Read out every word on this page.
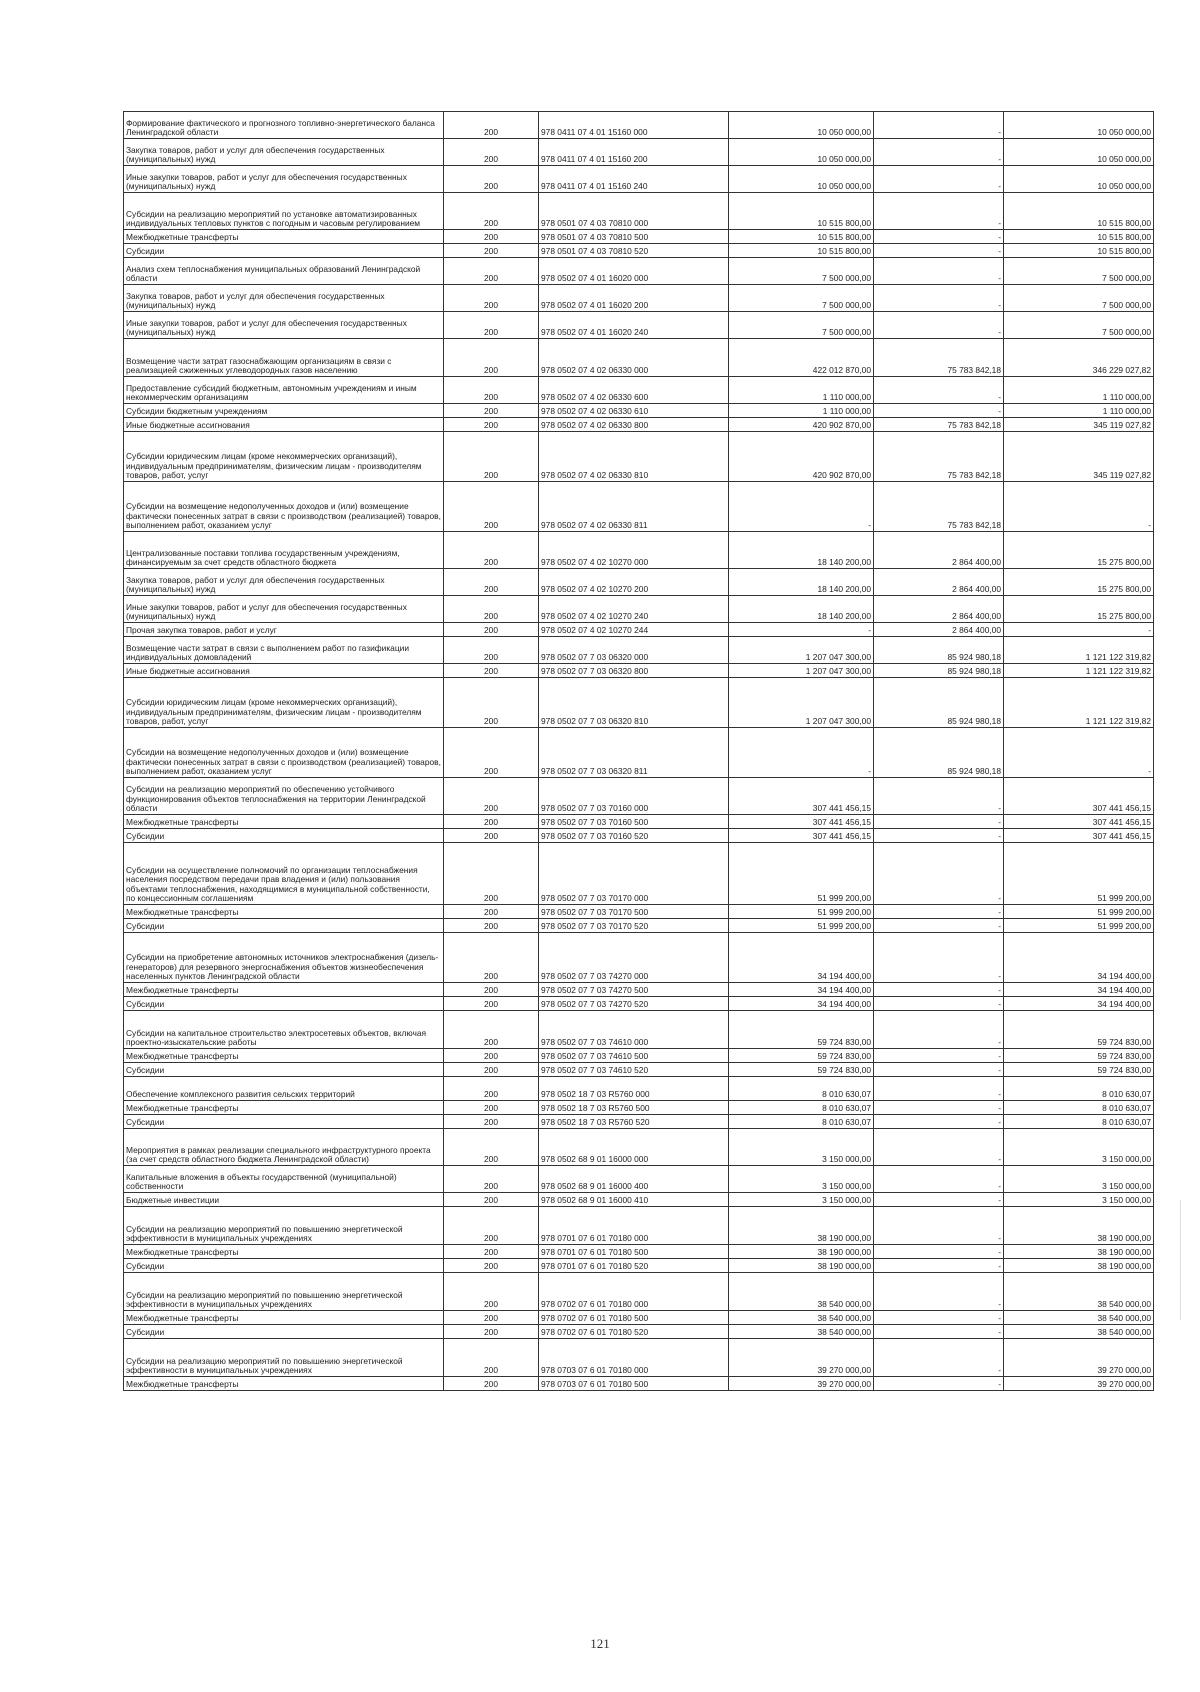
Формирование фактического и прогнозного топливно-энергетического баланса Ленинградской области	200	978 0411 07 4 01 15160 000	10 050 000,00	-	10 050 000,00
Закупка товаров, работ и услуг для обеспечения государственных (муниципальных) нужд	200	978 0411 07 4 01 15160 200	10 050 000,00	-	10 050 000,00
Иные закупки товаров, работ и услуг для обеспечения государственных (муниципальных) нужд	200	978 0411 07 4 01 15160 240	10 050 000,00	-	10 050 000,00
Субсидии на реализацию мероприятий по установке автоматизированных индивидуальных тепловых пунктов с погодным и часовым регулированием	200	978 0501 07 4 03 70810 000	10 515 800,00	-	10 515 800,00
Межбюджетные трансферты	200	978 0501 07 4 03 70810 500	10 515 800,00	-	10 515 800,00
Субсидии	200	978 0501 07 4 03 70810 520	10 515 800,00	-	10 515 800,00
Анализ схем теплоснабжения муниципальных образований Ленинградской области	200	978 0502 07 4 01 16020 000	7 500 000,00	-	7 500 000,00
Закупка товаров, работ и услуг для обеспечения государственных (муниципальных) нужд	200	978 0502 07 4 01 16020 200	7 500 000,00	-	7 500 000,00
Иные закупки товаров, работ и услуг для обеспечения государственных (муниципальных) нужд	200	978 0502 07 4 01 16020 240	7 500 000,00	-	7 500 000,00
Возмещение части затрат газоснабжающим организациям в связи с реализацией сжиженных углеводородных газов населению	200	978 0502 07 4 02 06330 000	422 012 870,00	75 783 842,18	346 229 027,82
Предоставление субсидий бюджетным, автономным учреждениям и иным некоммерческим организациям	200	978 0502 07 4 02 06330 600	1 110 000,00	-	1 110 000,00
Субсидии бюджетным учреждениям	200	978 0502 07 4 02 06330 610	1 110 000,00	-	1 110 000,00
Иные бюджетные ассигнования	200	978 0502 07 4 02 06330 800	420 902 870,00	75 783 842,18	345 119 027,82
Субсидии юридическим лицам (кроме некоммерческих организаций), индивидуальным предпринимателям, физическим лицам - производителям товаров, работ, услуг	200	978 0502 07 4 02 06330 810	420 902 870,00	75 783 842,18	345 119 027,82
Субсидии на возмещение недополученных доходов и (или) возмещение фактически понесенных затрат в связи с производством (реализацией) товаров, выполнением работ, оказанием услуг	200	978 0502 07 4 02 06330 811	-	75 783 842,18	-
Централизованные поставки топлива государственным учреждениям, финансируемым за счет средств областного бюджета	200	978 0502 07 4 02 10270 000	18 140 200,00	2 864 400,00	15 275 800,00
Закупка товаров, работ и услуг для обеспечения государственных (муниципальных) нужд	200	978 0502 07 4 02 10270 200	18 140 200,00	2 864 400,00	15 275 800,00
Иные закупки товаров, работ и услуг для обеспечения государственных (муниципальных) нужд	200	978 0502 07 4 02 10270 240	18 140 200,00	2 864 400,00	15 275 800,00
Прочая закупка товаров, работ и услуг	200	978 0502 07 4 02 10270 244	-	2 864 400,00	-
Возмещение части затрат в связи с выполнением работ по газификации индивидуальных домовладений	200	978 0502 07 7 03 06320 000	1 207 047 300,00	85 924 980,18	1 121 122 319,82
Иные бюджетные ассигнования	200	978 0502 07 7 03 06320 800	1 207 047 300,00	85 924 980,18	1 121 122 319,82
Субсидии юридическим лицам (кроме некоммерческих организаций), индивидуальным предпринимателям, физическим лицам - производителям товаров, работ, услуг	200	978 0502 07 7 03 06320 810	1 207 047 300,00	85 924 980,18	1 121 122 319,82
Субсидии на возмещение недополученных доходов и (или) возмещение фактически понесенных затрат в связи с производством (реализацией) товаров, выполнением работ, оказанием услуг	200	978 0502 07 7 03 06320 811	-	85 924 980,18	-
Субсидии на реализацию мероприятий по обеспечению устойчивого функционирования объектов теплоснабжения на территории Ленинградской области	200	978 0502 07 7 03 70160 000	307 441 456,15	-	307 441 456,15
Межбюджетные трансферты	200	978 0502 07 7 03 70160 500	307 441 456,15	-	307 441 456,15
Субсидии	200	978 0502 07 7 03 70160 520	307 441 456,15	-	307 441 456,15
Субсидии на осуществление полномочий по организации теплоснабжения населения посредством передачи прав владения и (или) пользования объектами теплоснабжения, находящимися в муниципальной собственности, по концессионным соглашениям	200	978 0502 07 7 03 70170 000	51 999 200,00	-	51 999 200,00
Межбюджетные трансферты	200	978 0502 07 7 03 70170 500	51 999 200,00	-	51 999 200,00
Субсидии	200	978 0502 07 7 03 70170 520	51 999 200,00	-	51 999 200,00
Субсидии на приобретение автономных источников электроснабжения (дизель-генераторов) для резервного энергоснабжения объектов жизнеобеспечения населенных пунктов Ленинградской области	200	978 0502 07 7 03 74270 000	34 194 400,00	-	34 194 400,00
Межбюджетные трансферты	200	978 0502 07 7 03 74270 500	34 194 400,00	-	34 194 400,00
Субсидии	200	978 0502 07 7 03 74270 520	34 194 400,00	-	34 194 400,00
Субсидии на капитальное строительство электросетевых объектов, включая проектно-изыскательские работы	200	978 0502 07 7 03 74610 000	59 724 830,00	-	59 724 830,00
Межбюджетные трансферты	200	978 0502 07 7 03 74610 500	59 724 830,00	-	59 724 830,00
Субсидии	200	978 0502 07 7 03 74610 520	59 724 830,00	-	59 724 830,00
Обеспечение комплексного развития сельских территорий	200	978 0502 18 7 03 R5760 000	8 010 630,07	-	8 010 630,07
Межбюджетные трансферты	200	978 0502 18 7 03 R5760 500	8 010 630,07	-	8 010 630,07
Субсидии	200	978 0502 18 7 03 R5760 520	8 010 630,07	-	8 010 630,07
Мероприятия в рамках реализации специального инфраструктурного проекта (за счет средств областного бюджета Ленинградской области)	200	978 0502 68 9 01 16000 000	3 150 000,00	-	3 150 000,00
Капитальные вложения в объекты государственной (муниципальной) собственности	200	978 0502 68 9 01 16000 400	3 150 000,00	-	3 150 000,00
Бюджетные инвестиции	200	978 0502 68 9 01 16000 410	3 150 000,00	-	3 150 000,00
Субсидии на реализацию мероприятий по повышению энергетической эффективности в муниципальных учреждениях	200	978 0701 07 6 01 70180 000	38 190 000,00	-	38 190 000,00
Межбюджетные трансферты	200	978 0701 07 6 01 70180 500	38 190 000,00	-	38 190 000,00
Субсидии	200	978 0701 07 6 01 70180 520	38 190 000,00	-	38 190 000,00
Субсидии на реализацию мероприятий по повышению энергетической эффективности в муниципальных учреждениях	200	978 0702 07 6 01 70180 000	38 540 000,00	-	38 540 000,00
Межбюджетные трансферты	200	978 0702 07 6 01 70180 500	38 540 000,00	-	38 540 000,00
Субсидии	200	978 0702 07 6 01 70180 520	38 540 000,00	-	38 540 000,00
Субсидии на реализацию мероприятий по повышению энергетической эффективности в муниципальных учреждениях	200	978 0703 07 6 01 70180 000	39 270 000,00	-	39 270 000,00
Межбюджетные трансферты	200	978 0703 07 6 01 70180 500	39 270 000,00	-	39 270 000,00
121
